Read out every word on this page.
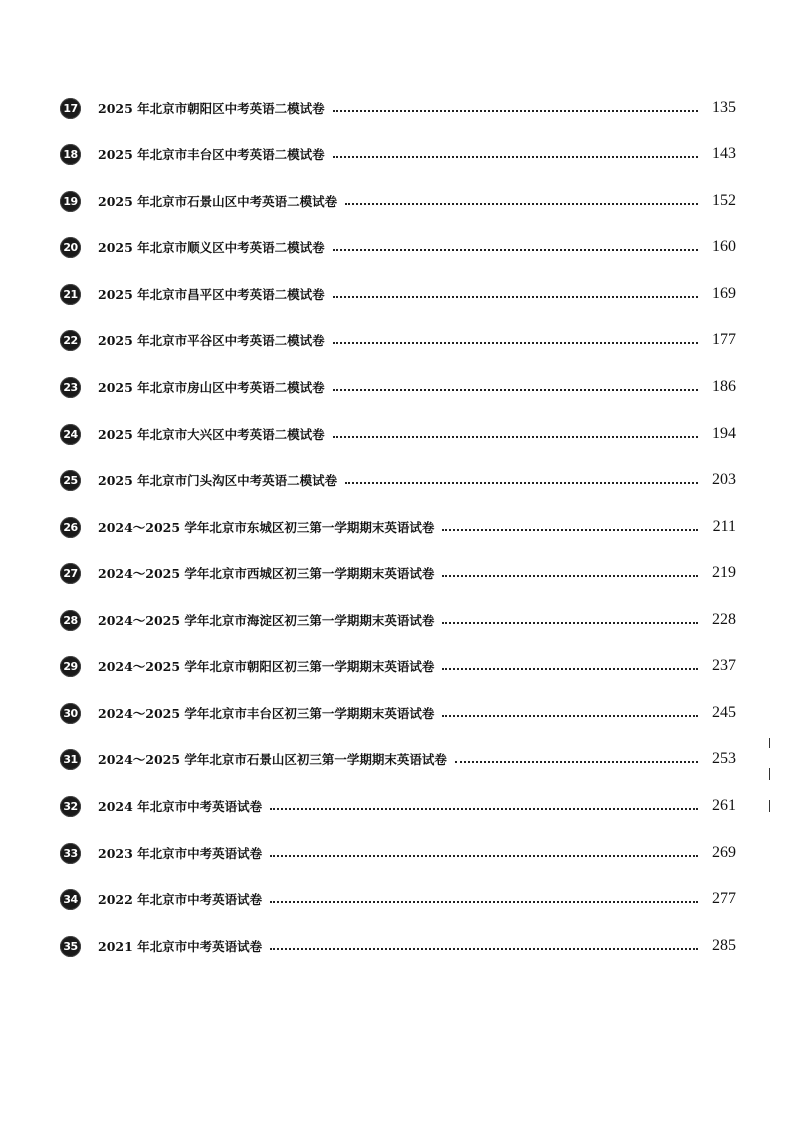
17 2025 年北京市朝阳区中考英语二模试卷	135
18 2025 年北京市丰台区中考英语二模试卷	143
19 2025 年北京市石景山区中考英语二模试卷	152
20 2025 年北京市顺义区中考英语二模试卷	160
21 2025 年北京市昌平区中考英语二模试卷	169
22 2025 年北京市平谷区中考英语二模试卷	177
23 2025 年北京市房山区中考英语二模试卷	186
24 2025 年北京市大兴区中考英语二模试卷	194
25 2025 年北京市门头沟区中考英语二模试卷	203
26 2024～2025 学年北京市东城区初三第一学期期末英语试卷	211
27 2024～2025 学年北京市西城区初三第一学期期末英语试卷	219
28 2024～2025 学年北京市海淀区初三第一学期期末英语试卷	228
29 2024～2025 学年北京市朝阳区初三第一学期期末英语试卷	237
30 2024～2025 学年北京市丰台区初三第一学期期末英语试卷	245
31 2024～2025 学年北京市石景山区初三第一学期期末英语试卷	253
32 2024 年北京市中考英语试卷	261
33 2023 年北京市中考英语试卷	269
34 2022 年北京市中考英语试卷	277
35 2021 年北京市中考英语试卷	285
